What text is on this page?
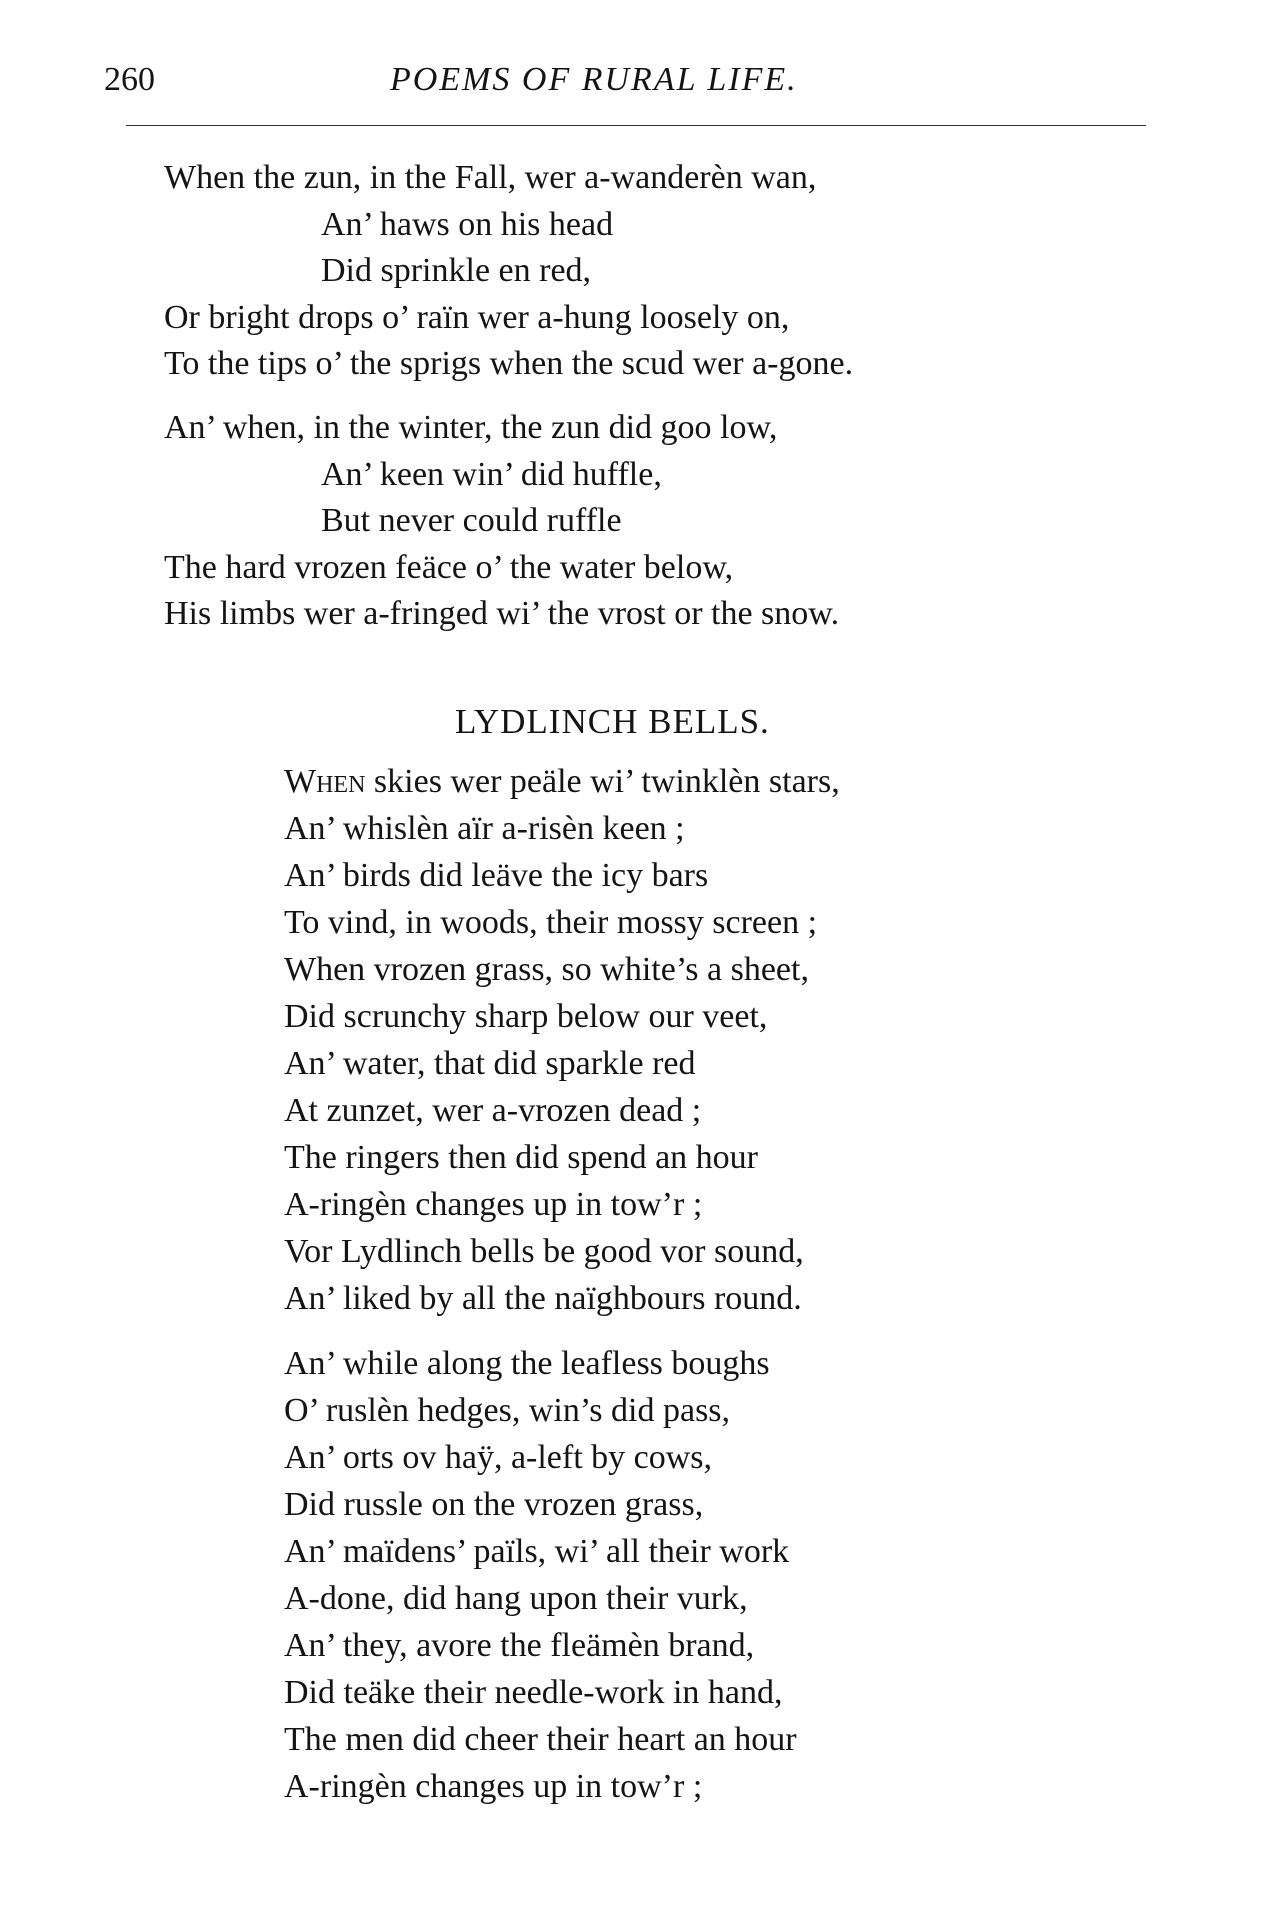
260	POEMS OF RURAL LIFE.
When the zun, in the Fall, wer a-wanderèn wan,
An’ haws on his head
Did sprinkle en red,
Or bright drops o’ raïn wer a-hung loosely on,
To the tips o’ the sprigs when the scud wer a-gone.
An’ when, in the winter, the zun did goo low,
An’ keen win’ did huffle,
But never could ruffle
The hard vrozen feäce o’ the water below,
His limbs wer a-fringed wi’ the vrost or the snow.
LYDLINCH BELLS.
When skies wer peäle wi’ twinklèn stars,
An’ whislèn aïr a-risèn keen ;
An’ birds did leäve the icy bars
To vind, in woods, their mossy screen ;
When vrozen grass, so white’s a sheet,
Did scrunchy sharp below our veet,
An’ water, that did sparkle red
At zunzet, wer a-vrozen dead ;
The ringers then did spend an hour
A-ringèn changes up in tow’r ;
Vor Lydlinch bells be good vor sound,
An’ liked by all the naïghbours round.
An’ while along the leafless boughs
O’ ruslèn hedges, win’s did pass,
An’ orts ov haÿ, a-left by cows,
Did russle on the vrozen grass,
An’ maïdens’ païls, wi’ all their work
A-done, did hang upon their vurk,
An’ they, avore the fleämèn brand,
Did teäke their needle-work in hand,
The men did cheer their heart an hour
A-ringèn changes up in tow’r ;
